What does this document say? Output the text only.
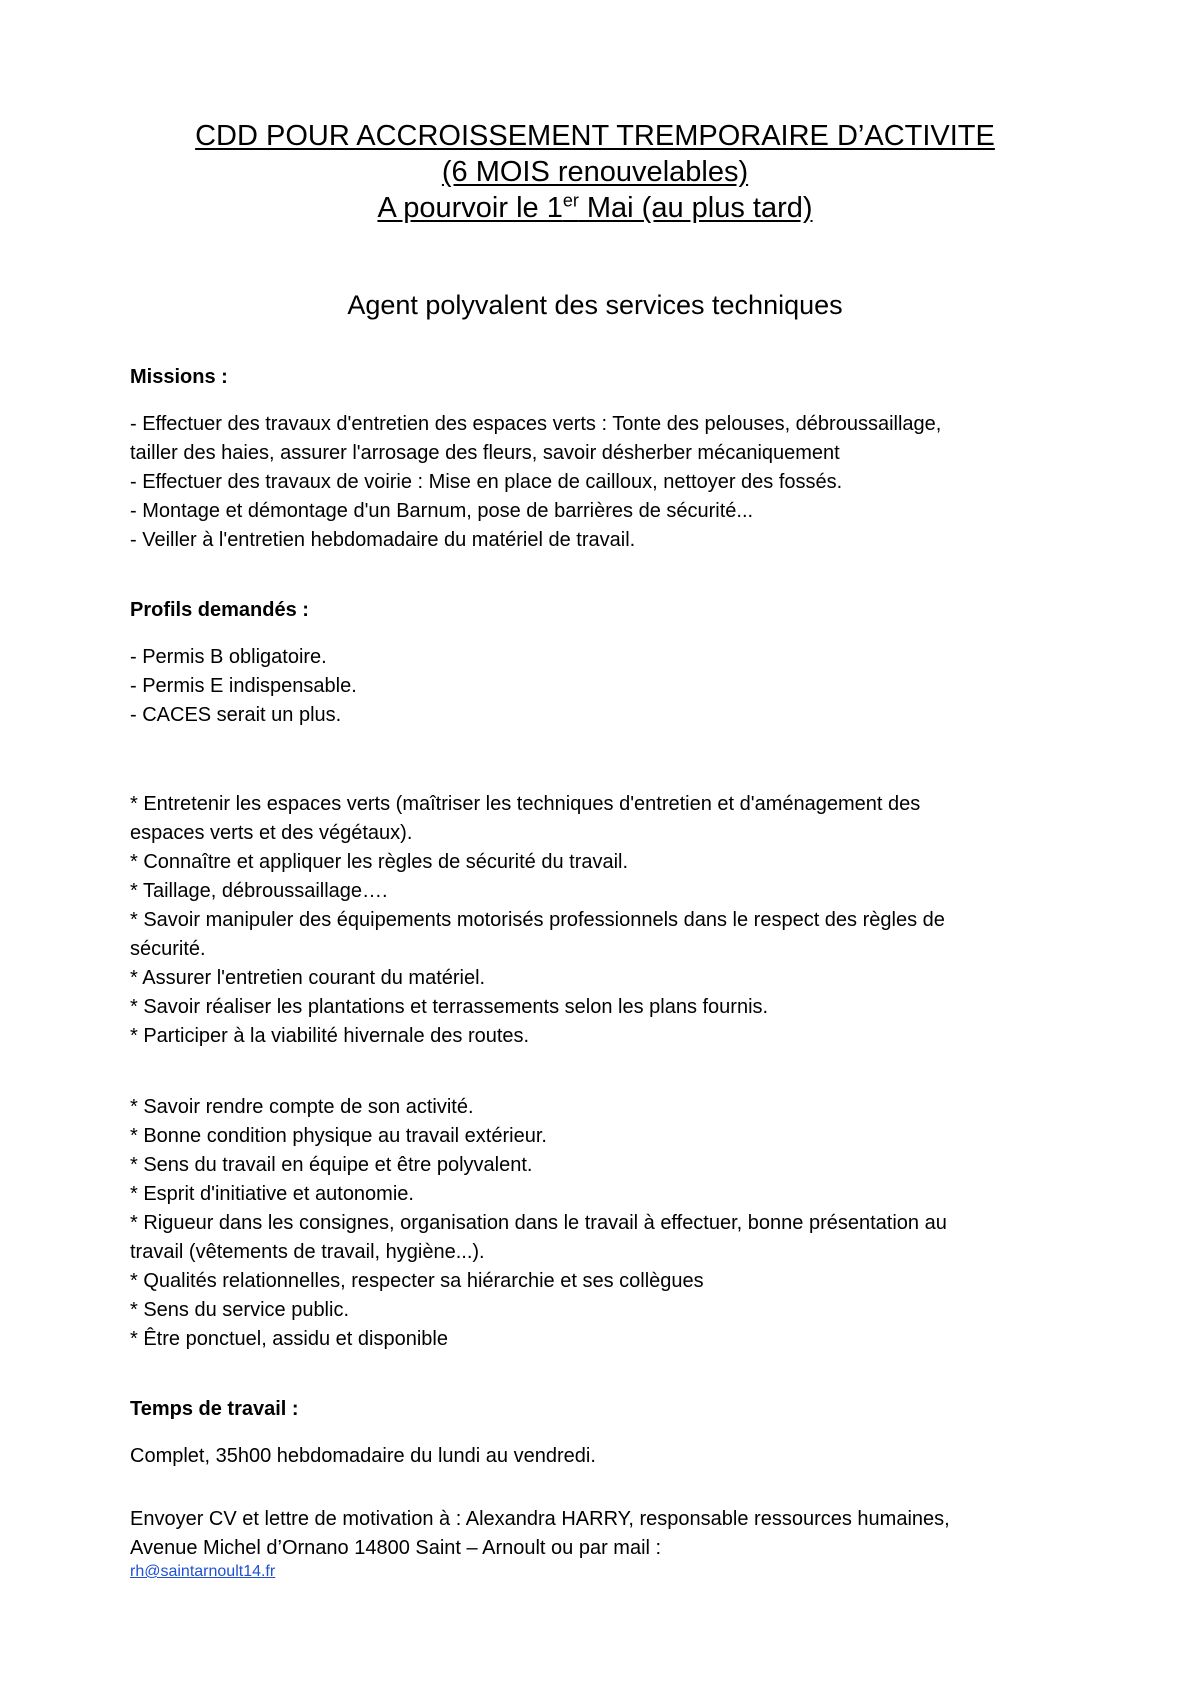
CDD POUR ACCROISSEMENT TREMPORAIRE D’ACTIVITE
(6 MOIS renouvelables)
A pourvoir le 1er Mai (au plus tard)
Agent polyvalent des services techniques
Missions :
- Effectuer des travaux d'entretien des espaces verts : Tonte des pelouses, débroussaillage, tailler des haies, assurer l'arrosage des fleurs, savoir désherber mécaniquement
- Effectuer des travaux de voirie : Mise en place de cailloux, nettoyer des fossés.
- Montage et démontage d'un Barnum, pose de barrières de sécurité...
- Veiller à l'entretien hebdomadaire du matériel de travail.
Profils demandés :
- Permis B obligatoire.
- Permis E indispensable.
- CACES serait un plus.
* Entretenir les espaces verts (maîtriser les techniques d'entretien et d'aménagement des espaces verts et des végétaux).
* Connaître et appliquer les règles de sécurité du travail.
* Taillage, débroussaillage….
* Savoir manipuler des équipements motorisés professionnels dans le respect des règles de sécurité.
* Assurer l'entretien courant du matériel.
* Savoir réaliser les plantations et terrassements selon les plans fournis.
* Participer à la viabilité hivernale des routes.
* Savoir rendre compte de son activité.
* Bonne condition physique au travail extérieur.
* Sens du travail en équipe et être polyvalent.
* Esprit d'initiative et autonomie.
* Rigueur dans les consignes, organisation dans le travail à effectuer, bonne présentation au travail (vêtements de travail, hygiène...).
* Qualités relationnelles, respecter sa hiérarchie et ses collègues
* Sens du service public.
* Être ponctuel, assidu et disponible
Temps de travail :
Complet, 35h00 hebdomadaire du lundi au vendredi.
Envoyer CV et lettre de motivation à : Alexandra HARRY, responsable ressources humaines, Avenue Michel d’Ornano 14800 Saint – Arnoult ou par mail :
rh@saintarnoult14.fr
